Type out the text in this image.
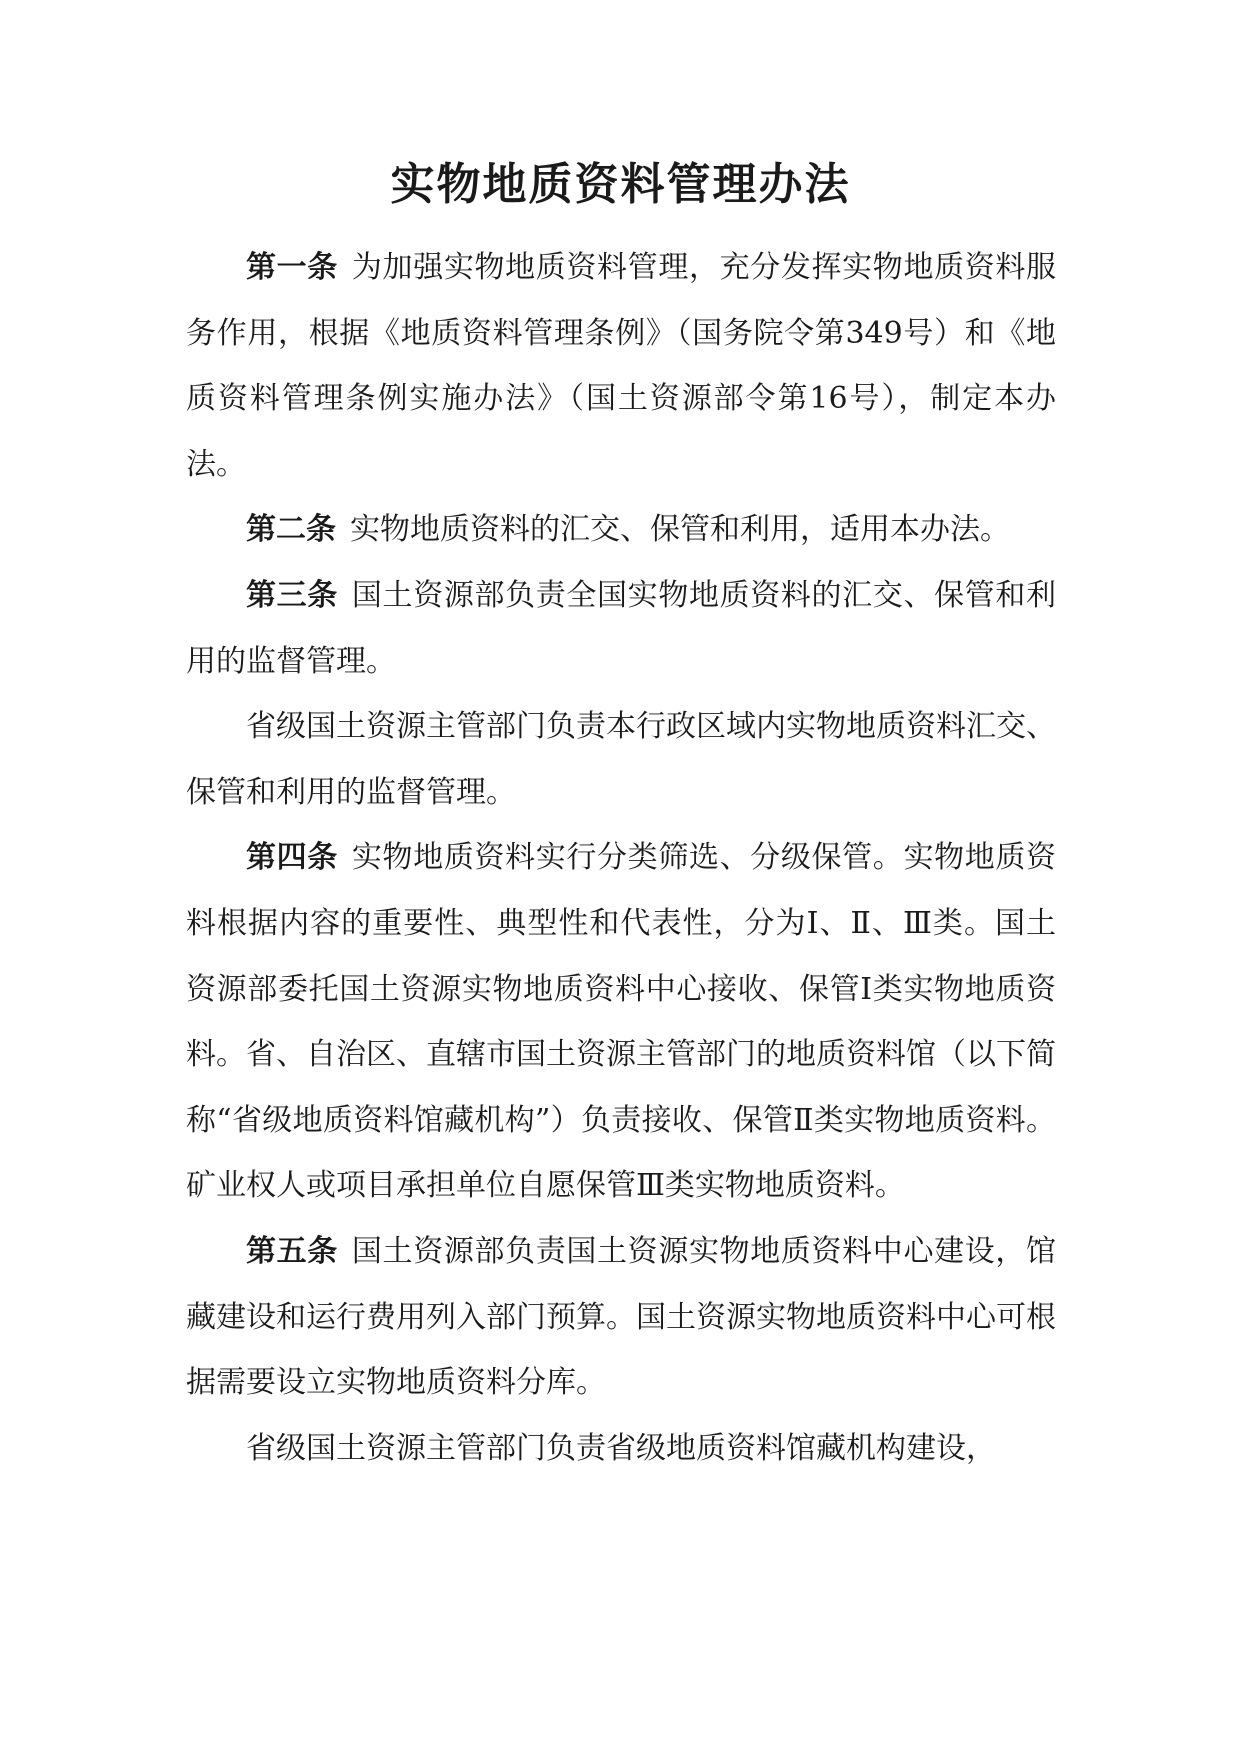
实物地质资料管理办法

第一条 为加强实物地质资料管理，充分发挥实物地质资料服务作用，根据《地质资料管理条例》（国务院令第349号）和《地质资料管理条例实施办法》（国土资源部令第16号），制定本办法。

第二条 实物地质资料的汇交、保管和利用，适用本办法。

第三条 国土资源部负责全国实物地质资料的汇交、保管和利用的监督管理。

省级国土资源主管部门负责本行政区域内实物地质资料汇交、保管和利用的监督管理。

第四条 实物地质资料实行分类筛选、分级保管。实物地质资料根据内容的重要性、典型性和代表性，分为Ⅰ、Ⅱ、Ⅲ类。国土资源部委托国土资源实物地质资料中心接收、保管Ⅰ类实物地质资料。省、自治区、直辖市国土资源主管部门的地质资料馆（以下简称“省级地质资料馆藏机构”）负责接收、保管Ⅱ类实物地质资料。矿业权人或项目承担单位自愿保管Ⅲ类实物地质资料。

第五条 国土资源部负责国土资源实物地质资料中心建设，馆藏建设和运行费用列入部门预算。国土资源实物地质资料中心可根据需要设立实物地质资料分库。

省级国土资源主管部门负责省级地质资料馆藏机构建设，
